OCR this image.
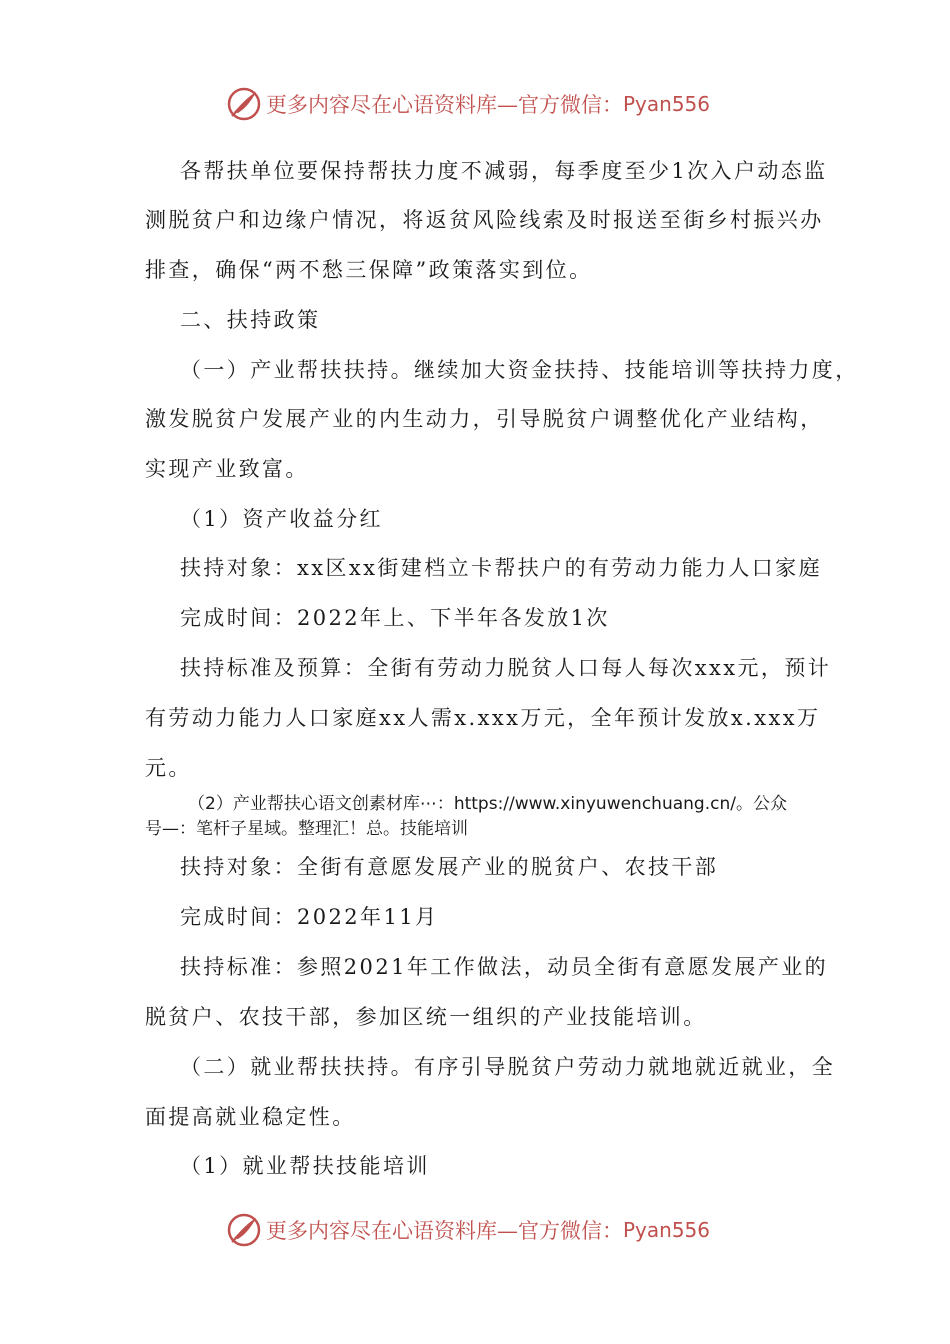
更多内容尽在心语资料库—官方微信： Pyan556
各帮扶单位要保持帮扶力度不减弱，每季度至少1次入户动态监
测脱贫户和边缘户情况，将返贫风险线索及时报送至街乡村振兴办
排查，确保“两不愁三保障”政策落实到位。
二、扶持政策
（一）产业帮扶扶持。继续加大资金扶持、技能培训等扶持力度，
激发脱贫户发展产业的内生动力，引导脱贫户调整优化产业结构，
实现产业致富。
（1）资产收益分红
扶持对象：xx区xx街建档立卡帮扶户的有劳动力能力人口家庭
完成时间：2022年上、下半年各发放1次
扶持标准及预算：全街有劳动力脱贫人口每人每次xxx元，预计
有劳动力能力人口家庭xx人需x.xxx万元，全年预计发放x.xxx万
元。
（2）产业帮扶心语文创素材库⋯：https://www.xinyuwenchuang.cn/。公众
号—：笔杆子星域。整理汇！总。技能培训
扶持对象：全街有意愿发展产业的脱贫户、农技干部
完成时间：2022年11月
扶持标准：参照2021年工作做法，动员全街有意愿发展产业的
脱贫户、农技干部，参加区统一组织的产业技能培训。
（二）就业帮扶扶持。有序引导脱贫户劳动力就地就近就业，全
面提高就业稳定性。
（1）就业帮扶技能培训
更多内容尽在心语资料库—官方微信： Pyan556
